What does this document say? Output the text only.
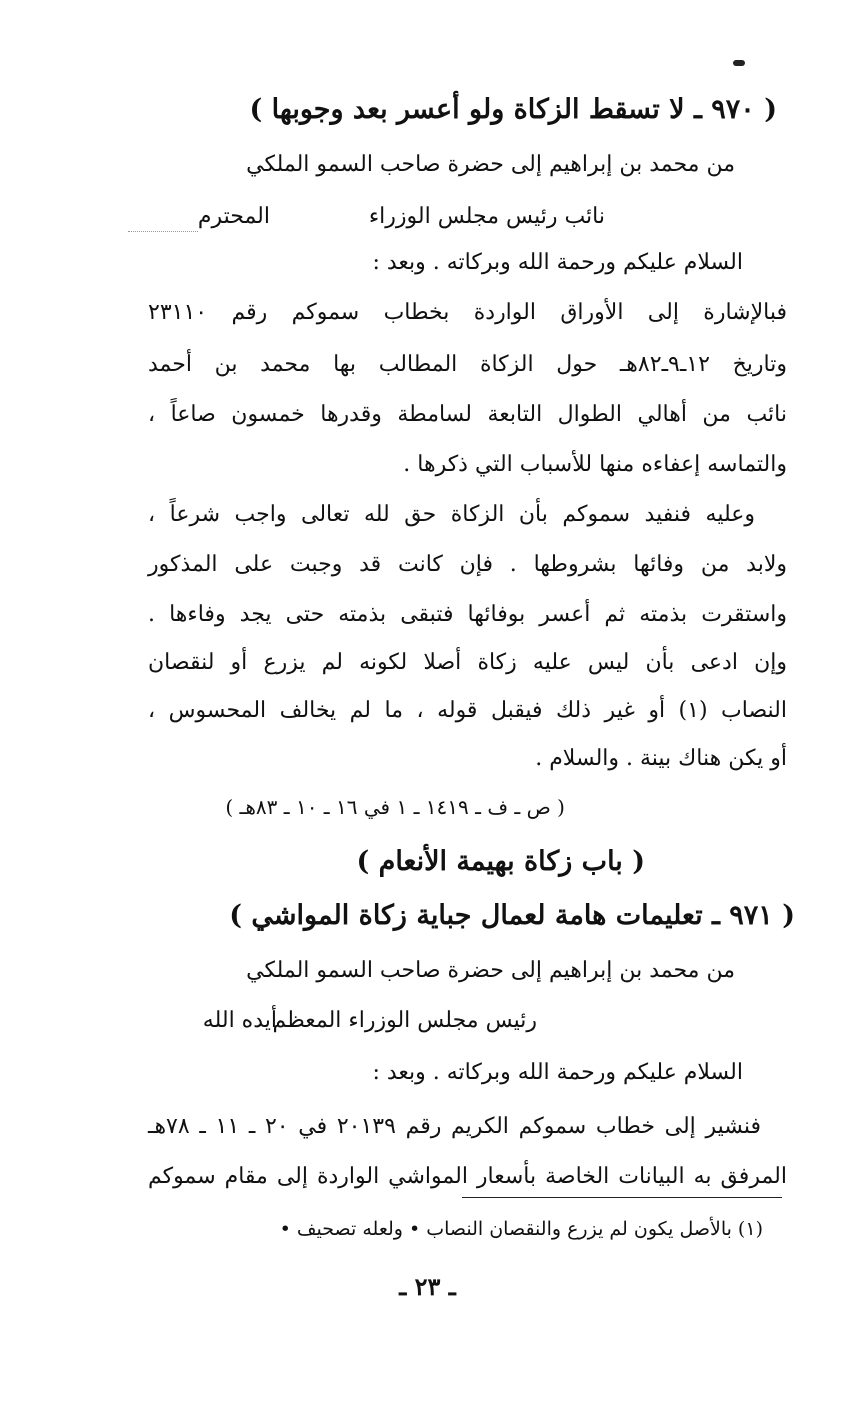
( ٩٧٠ ـ لا تسقط الزكاة ولو أعسر بعد وجوبها )
من محمد بن إبراهيم إلى حضرة صاحب السمو الملكي
نائب رئيس مجلس الوزراء
المحترم
السلام عليكم ورحمة الله وبركاته . وبعد :
فبالإشارة إلى الأوراق الواردة بخطاب سموكم رقم ٢٣١١٠
وتاريخ ١٢ـ٩ـ٨٢هـ حول الزكاة المطالب بها محمد بن أحمد
نائب من أهالي الطوال التابعة لسامطة وقدرها خمسون صاعاً ،
والتماسه إعفاءه منها للأسباب التي ذكرها .
وعليه فنفيد سموكم بأن الزكاة حق لله تعالى واجب شرعاً ،
ولابد من وفائها بشروطها . فإن كانت قد وجبت على المذكور
واستقرت بذمته ثم أعسر بوفائها فتبقى بذمته حتى يجد وفاءها .
وإن ادعى بأن ليس عليه زكاة أصلا لكونه لم يزرع أو لنقصان
النصاب (١) أو غير ذلك فيقبل قوله ، ما لم يخالف المحسوس ،
أو يكن هناك بينة . والسلام .
( ص ـ ف ـ ١٤١٩ ـ ١ في ١٦ ـ ١٠ ـ ٨٣هـ )
( باب زكاة بهيمة الأنعام )
( ٩٧١ ـ تعليمات هامة لعمال جباية زكاة المواشي )
من محمد بن إبراهيم إلى حضرة صاحب السمو الملكي
رئيس مجلس الوزراء المعظم
أيده الله
السلام عليكم ورحمة الله وبركاته . وبعد :
فنشير إلى خطاب سموكم الكريم رقم ٢٠١٣٩ في ٢٠ ـ ١١ ـ ٧٨هـ
المرفق به البيانات الخاصة بأسعار المواشي الواردة إلى مقام سموكم
(١) بالأصل يكون لم يزرع والنقصان النصاب • ولعله تصحيف •
ـ ٢٣ ـ
